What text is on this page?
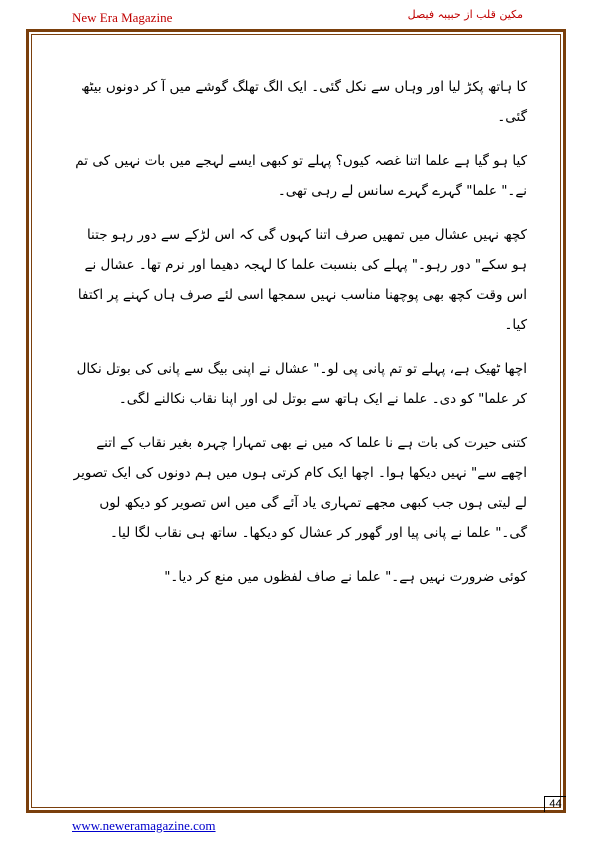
New Era Magazine	مکین قلب از حبیبہ فیصل

کا ہاتھ پکڑ لیا اور وہاں سے نکل گئی۔ ایک الگ تھلگ گوشے میں آ کر دونوں بیٹھ گئی۔

کیا ہو گیا ہے علما اتنا غصہ کیوں؟ پہلے تو کبھی ایسے لہجے میں بات نہیں کی تم نے۔" علما" گہرے گہرے سانس لے رہی تھی۔

کچھ نہیں عشال میں تمھیں صرف اتنا کہوں گی کہ اس لڑکے سے دور رہو جتنا ہو سکے" دور رہو۔" پہلے کی بنسبت علما کا لہجہ دھیما اور نرم تھا۔ عشال نے اس وقت کچھ بھی پوچھنا مناسب نہیں سمجھا اسی لئے صرف ہاں کہنے پر اکتفا کیا۔

اچھا ٹھیک ہے، پہلے تو تم پانی پی لو۔" عشال نے اپنی بیگ سے پانی کی بوتل نکال کر علما" کو دی۔ علما نے ایک ہاتھ سے بوتل لی اور اپنا نقاب نکالنے لگی۔

کتنی حیرت کی بات ہے نا علما کہ میں نے بھی تمہارا چہرہ بغیر نقاب کے اتنے اچھے سے" نہیں دیکھا ہوا۔ اچھا ایک کام کرتی ہوں میں ہم دونوں کی ایک تصویر لے لیتی ہوں جب کبھی مجھے تمہاری یاد آئے گی میں اس تصویر کو دیکھ لوں گی۔" علما نے پانی پیا اور گھور کر عشال کو دیکھا۔ ساتھ ہی نقاب لگا لیا۔

کوئی ضرورت نہیں ہے۔" علما نے صاف لفظوں میں منع کر دیا۔"

44
www.neweramagazine.com
